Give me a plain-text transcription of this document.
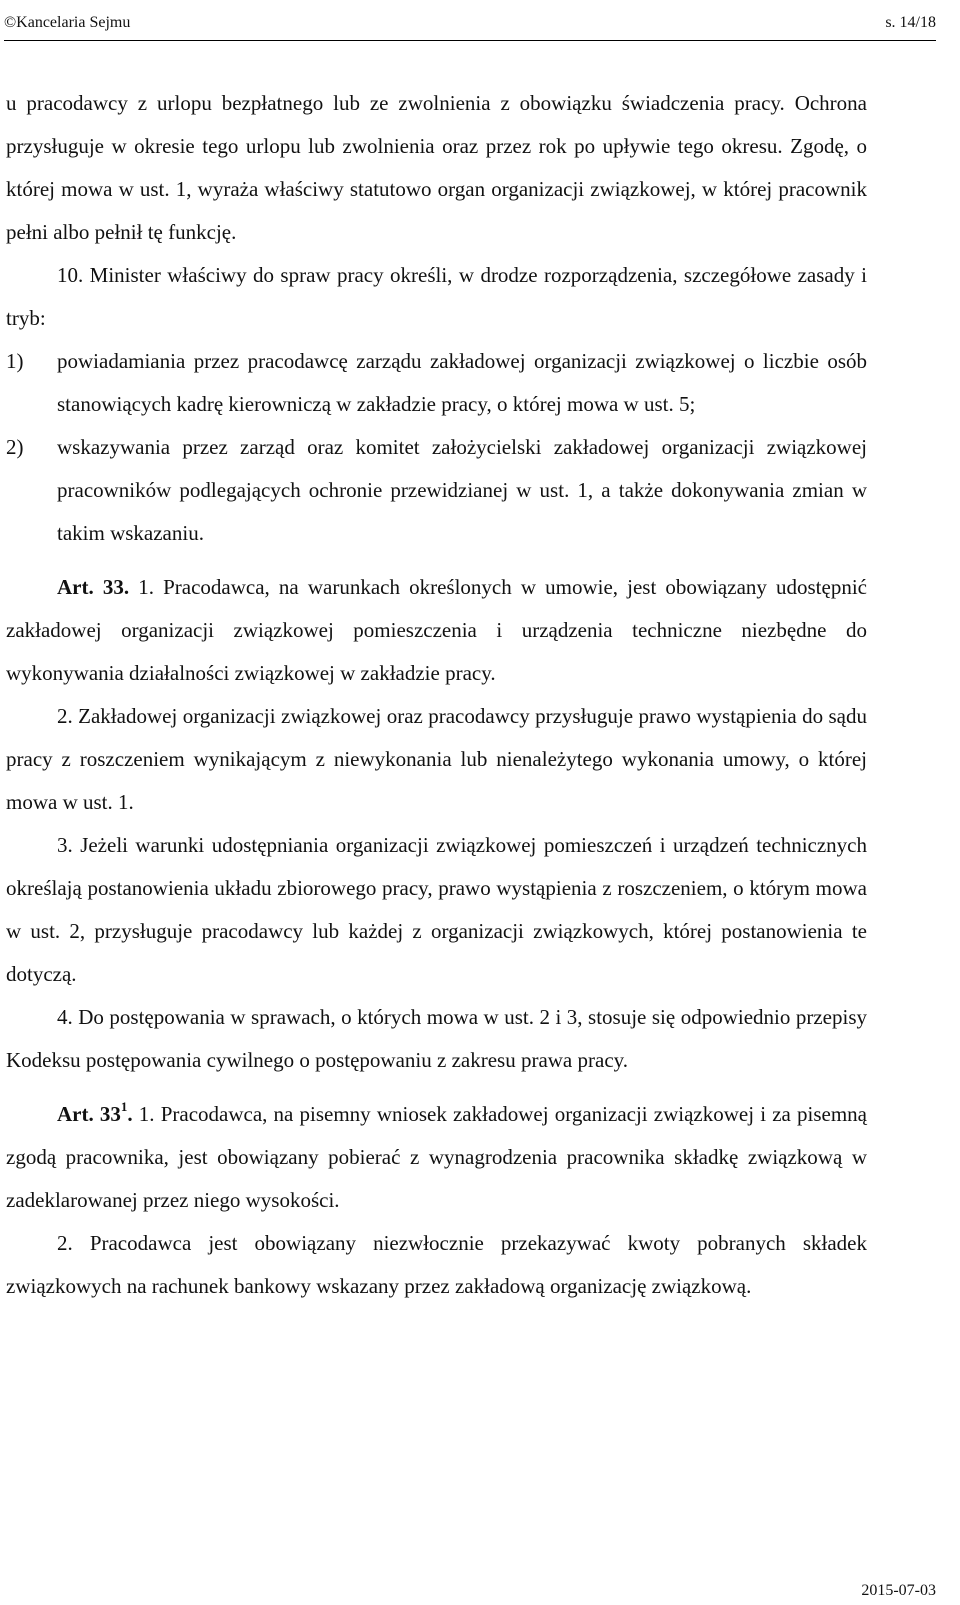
©Kancelaria Sejmu	s. 14/18

u pracodawcy z urlopu bezpłatnego lub ze zwolnienia z obowiązku świadczenia pracy. Ochrona przysługuje w okresie tego urlopu lub zwolnienia oraz przez rok po upływie tego okresu. Zgodę, o której mowa w ust. 1, wyraża właściwy statutowo organ organizacji związkowej, w której pracownik pełni albo pełnił tę funkcję.

10. Minister właściwy do spraw pracy określi, w drodze rozporządzenia, szczegółowe zasady i tryb:

1) powiadamiania przez pracodawcę zarządu zakładowej organizacji związkowej o liczbie osób stanowiących kadrę kierowniczą w zakładzie pracy, o której mowa w ust. 5;
2) wskazywania przez zarząd oraz komitet założycielski zakładowej organizacji związkowej pracowników podlegających ochronie przewidzianej w ust. 1, a także dokonywania zmian w takim wskazaniu.

Art. 33. 1. Pracodawca, na warunkach określonych w umowie, jest obowiązany udostępnić zakładowej organizacji związkowej pomieszczenia i urządzenia techniczne niezbędne do wykonywania działalności związkowej w zakładzie pracy.

2. Zakładowej organizacji związkowej oraz pracodawcy przysługuje prawo wystąpienia do sądu pracy z roszczeniem wynikającym z niewykonania lub nienależytego wykonania umowy, o której mowa w ust. 1.

3. Jeżeli warunki udostępniania organizacji związkowej pomieszczeń i urządzeń technicznych określają postanowienia układu zbiorowego pracy, prawo wystąpienia z roszczeniem, o którym mowa w ust. 2, przysługuje pracodawcy lub każdej z organizacji związkowych, której postanowienia te dotyczą.

4. Do postępowania w sprawach, o których mowa w ust. 2 i 3, stosuje się odpowiednio przepisy Kodeksu postępowania cywilnego o postępowaniu z zakresu prawa pracy.

Art. $33^1$. 1. Pracodawca, na pisemny wniosek zakładowej organizacji związkowej i za pisemną zgodą pracownika, jest obowiązany pobierać z wynagrodzenia pracownika składkę związkową w zadeklarowanej przez niego wysokości.

2. Pracodawca jest obowiązany niezwłocznie przekazywać kwoty pobranych składek związkowych na rachunek bankowy wskazany przez zakładową organizację związkową.

2015-07-03
